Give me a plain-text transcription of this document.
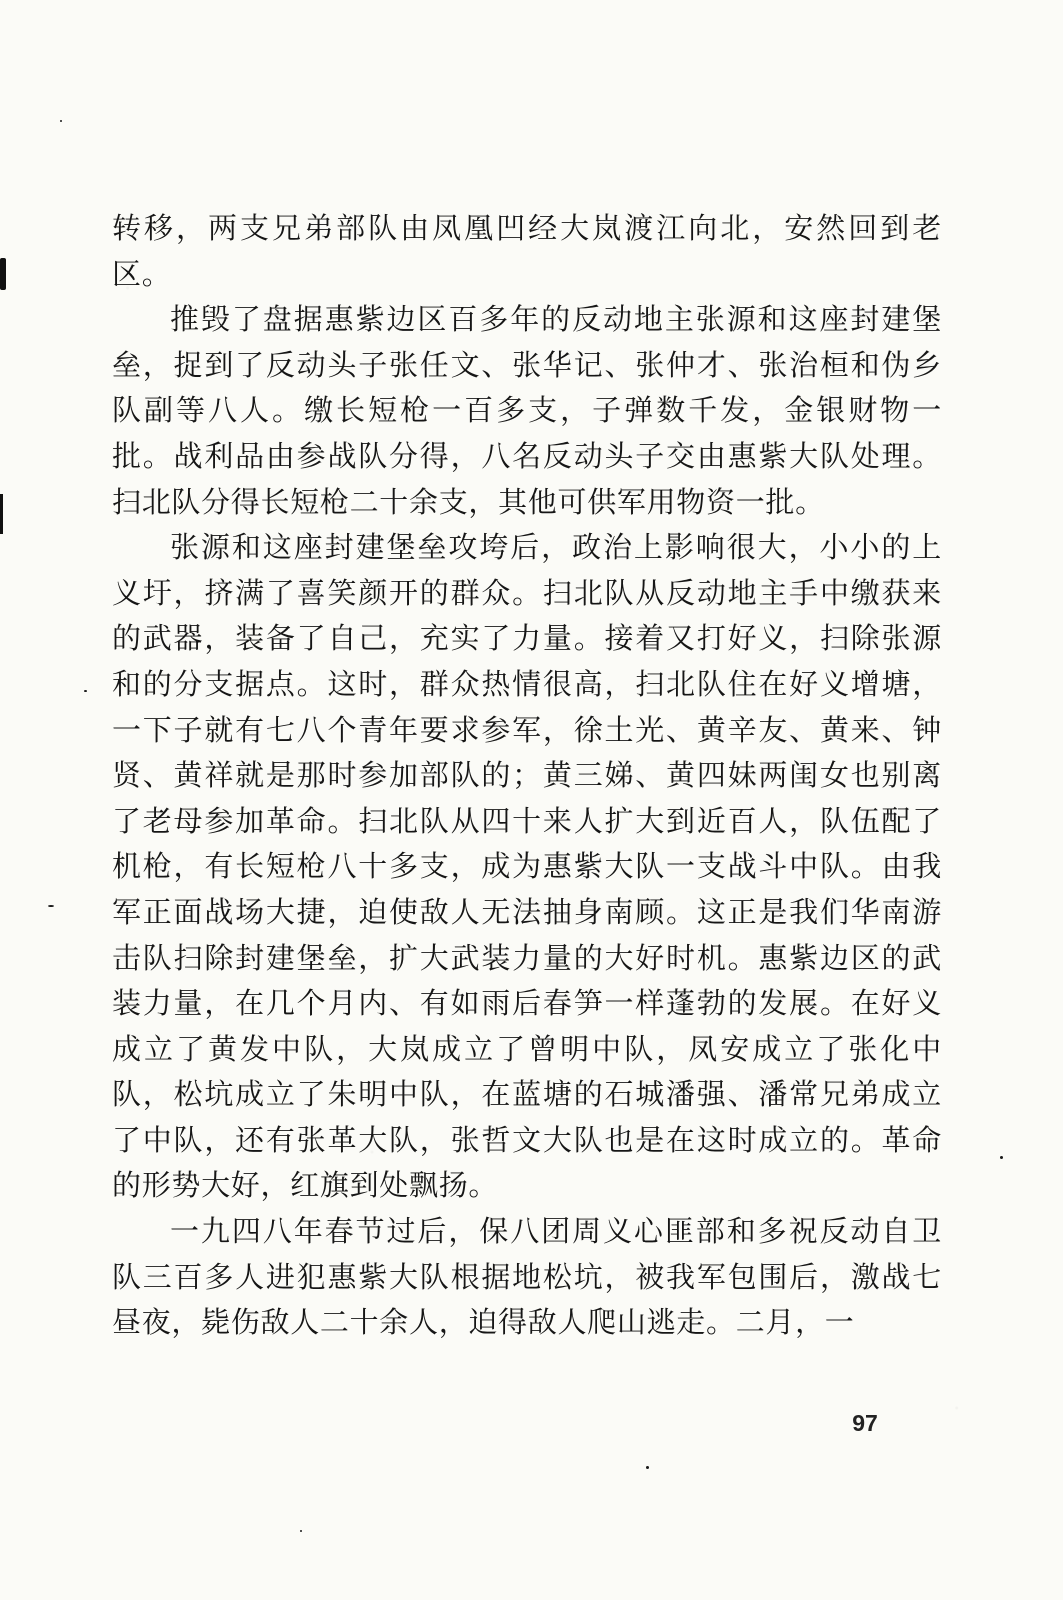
转移，两支兄弟部队由凤凰凹经大岚渡江向北，安然回到老区。

推毁了盘据惠紫边区百多年的反动地主张源和这座封建堡垒，捉到了反动头子张任文、张华记、张仲才、张治桓和伪乡队副等八人。缴长短枪一百多支，子弹数千发，金银财物一批。战利品由参战队分得，八名反动头子交由惠紫大队处理。扫北队分得长短枪二十余支，其他可供军用物资一批。

张源和这座封建堡垒攻垮后，政治上影响很大，小小的上义圩，挤满了喜笑颜开的群众。扫北队从反动地主手中缴获来的武器，装备了自己，充实了力量。接着又打好义，扫除张源和的分支据点。这时，群众热情很高，扫北队住在好义增塘，一下子就有七八个青年要求参军，徐土光、黄辛友、黄来、钟贤、黄祥就是那时参加部队的；黄三娣、黄四妹两闺女也别离了老母参加革命。扫北队从四十来人扩大到近百人，队伍配了机枪，有长短枪八十多支，成为惠紫大队一支战斗中队。由我军正面战场大捷，迫使敌人无法抽身南顾。这正是我们华南游击队扫除封建堡垒，扩大武装力量的大好时机。惠紫边区的武装力量，在几个月内、有如雨后春笋一样蓬勃的发展。在好义成立了黄发中队，大岚成立了曾明中队，凤安成立了张化中队，松坑成立了朱明中队，在蓝塘的石城潘强、潘常兄弟成立了中队，还有张革大队，张哲文大队也是在这时成立的。革命的形势大好，红旗到处飘扬。

一九四八年春节过后，保八团周义心匪部和多祝反动自卫队三百多人进犯惠紫大队根据地松坑，被我军包围后，激战七昼夜，毙伤敌人二十余人，迫得敌人爬山逃走。二月，一

97
